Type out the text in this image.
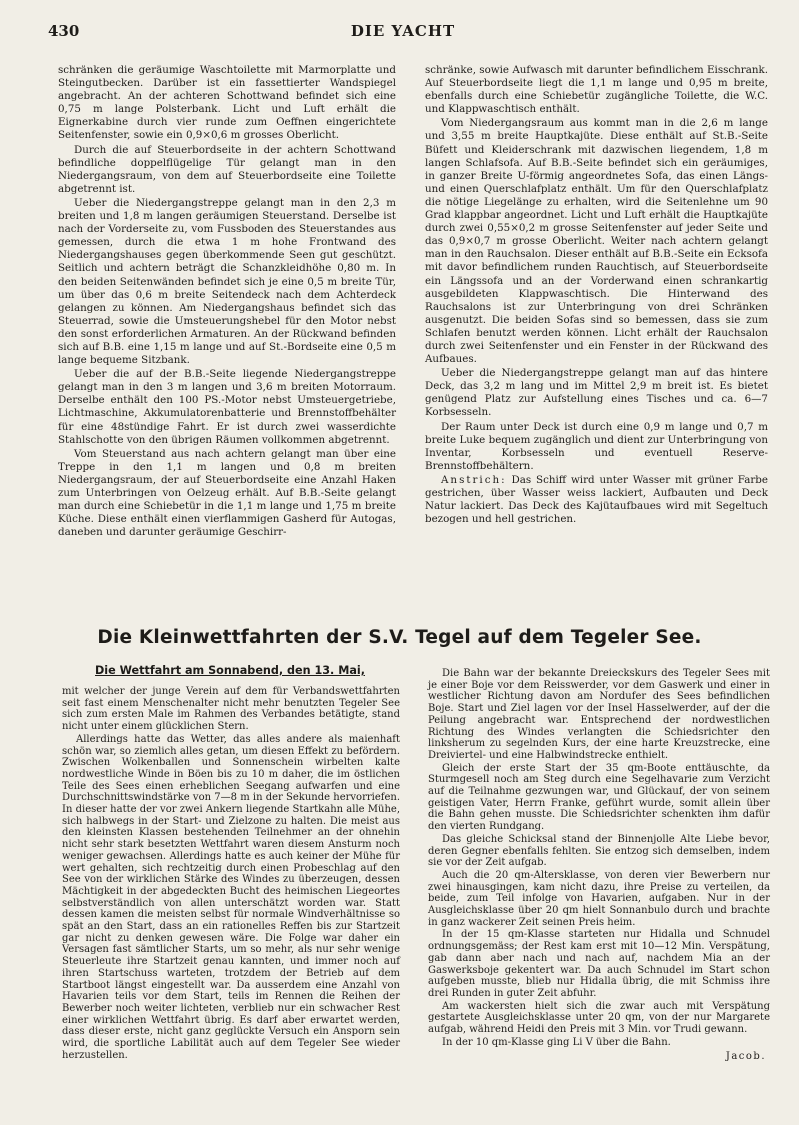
430	DIE YACHT

schränken die geräumige Waschtoilette mit Marmorplatte und Steingutbecken. Darüber ist ein fassettierter Wandspiegel angebracht. An der achteren Schottwand befindet sich eine 0,75 m lange Polsterbank. Licht und Luft erhält die Eignerkabine durch vier runde zum Oeffnen eingerichtete Seitenfenster, sowie ein 0,9×0,6 m grosses Oberlicht.

Durch die auf Steuerbordseite in der achtern Schottwand befindliche doppelflügelige Tür gelangt man in den Niedergangsraum, von dem auf Steuerbordseite eine Toilette abgetrennt ist.

Ueber die Niedergangstreppe gelangt man in den 2,3 m breiten und 1,8 m langen geräumigen Steuerstand. Derselbe ist nach der Vorderseite zu, vom Fussboden des Steuerstandes aus gemessen, durch die etwa 1 m hohe Frontwand des Niedergangshauses gegen überkommende Seen gut geschützt. Seitlich und achtern beträgt die Schanzkleidhöhe 0,80 m. In den beiden Seitenwänden befindet sich je eine 0,5 m breite Tür, um über das 0,6 m breite Seitendeck nach dem Achterdeck gelangen zu können. Am Niedergangshaus befindet sich das Steuerrad, sowie die Umsteuerungshebel für den Motor nebst den sonst erforderlichen Armaturen. An der Rückwand befinden sich auf B.B. eine 1,15 m lange und auf St.-Bordseite eine 0,5 m lange bequeme Sitzbank.

Ueber die auf der B.B.-Seite liegende Niedergangstreppe gelangt man in den 3 m langen und 3,6 m breiten Motorraum. Derselbe enthält den 100 PS.-Motor nebst Umsteuergetriebe, Lichtmaschine, Akkumulatorenbatterie und Brennstoffbehälter für eine 48stündige Fahrt. Er ist durch zwei wasserdichte Stahlschotte von den übrigen Räumen vollkommen abgetrennt.

Vom Steuerstand aus nach achtern gelangt man über eine Treppe in den 1,1 m langen und 0,8 m breiten Niedergangsraum, der auf Steuerbordseite eine Anzahl Haken zum Unterbringen von Oelzeug erhält. Auf B.B.-Seite gelangt man durch eine Schiebetür in die 1,1 m lange und 1,75 m breite Küche. Diese enthält einen vierflammigen Gasherd für Autogas, daneben und darunter geräumige Geschirr-

schränke, sowie Aufwasch mit darunter befindlichem Eisschrank. Auf Steuerbordseite liegt die 1,1 m lange und 0,95 m breite, ebenfalls durch eine Schiebetür zugängliche Toilette, die W.C. und Klappwaschtisch enthält.

Vom Niedergangsraum aus kommt man in die 2,6 m lange und 3,55 m breite Hauptkajüte. Diese enthält auf St.B.-Seite Büfett und Kleiderschrank mit dazwischen liegendem, 1,8 m langen Schlafsofa. Auf B.B.-Seite befindet sich ein geräumiges, in ganzer Breite U-förmig angeordnetes Sofa, das einen Längs- und einen Querschlafplatz enthält. Um für den Querschlafplatz die nötige Liegelänge zu erhalten, wird die Seitenlehne um 90 Grad klappbar angeordnet. Licht und Luft erhält die Hauptkajüte durch zwei 0,55×0,2 m grosse Seitenfenster auf jeder Seite und das 0,9×0,7 m grosse Oberlicht. Weiter nach achtern gelangt man in den Rauchsalon. Dieser enthält auf B.B.-Seite ein Ecksofa mit davor befindlichem runden Rauchtisch, auf Steuerbordseite ein Längssofa und an der Vorderwand einen schrankartig ausgebildeten Klappwaschtisch. Die Hinterwand des Rauchsalons ist zur Unterbringung von drei Schränken ausgenutzt. Die beiden Sofas sind so bemessen, dass sie zum Schlafen benutzt werden können. Licht erhält der Rauchsalon durch zwei Seitenfenster und ein Fenster in der Rückwand des Aufbaues.

Ueber die Niedergangstreppe gelangt man auf das hintere Deck, das 3,2 m lang und im Mittel 2,9 m breit ist. Es bietet genügend Platz zur Aufstellung eines Tisches und ca. 6—7 Korbsesseln.

Der Raum unter Deck ist durch eine 0,9 m lange und 0,7 m breite Luke bequem zugänglich und dient zur Unterbringung von Inventar, Korbsesseln und eventuell Reserve-Brennstoffbehältern.

Anstrich: Das Schiff wird unter Wasser mit grüner Farbe gestrichen, über Wasser weiss lackiert, Aufbauten und Deck Natur lackiert. Das Deck des Kajütaufbaues wird mit Segeltuch bezogen und hell gestrichen.

Die Kleinwettfahrten der S.V. Tegel auf dem Tegeler See.
Die Wettfahrt am Sonnabend, den 13. Mai,

mit welcher der junge Verein auf dem für Verbandswettfahrten seit fast einem Menschenalter nicht mehr benutzten Tegeler See sich zum ersten Male im Rahmen des Verbandes betätigte, stand nicht unter einem glücklichen Stern.

Allerdings hatte das Wetter, das alles andere als maienhaft schön war, so ziemlich alles getan, um diesen Effekt zu befördern. Zwischen Wolkenballen und Sonnenschein wirbelten kalte nordwestliche Winde in Böen bis zu 10 m daher, die im östlichen Teile des Sees einen erheblichen Seegang aufwarfen und eine Durchschnittswindstärke von 7—8 m in der Sekunde hervorriefen. In dieser hatte der vor zwei Ankern liegende Startkahn alle Mühe, sich halbwegs in der Start- und Zielzone zu halten. Die meist aus den kleinsten Klassen bestehenden Teilnehmer an der ohnehin nicht sehr stark besetzten Wettfahrt waren diesem Ansturm noch weniger gewachsen. Allerdings hatte es auch keiner der Mühe für wert gehalten, sich rechtzeitig durch einen Probeschlag auf den See von der wirklichen Stärke des Windes zu überzeugen, dessen Mächtigkeit in der abgedeckten Bucht des heimischen Liegeortes selbstverständlich von allen unterschätzt worden war. Statt dessen kamen die meisten selbst für normale Windverhältnisse so spät an den Start, dass an ein rationelles Reffen bis zur Startzeit gar nicht zu denken gewesen wäre. Die Folge war daher ein Versagen fast sämtlicher Starts, um so mehr, als nur sehr wenige Steuerleute ihre Startzeit genau kannten, und immer noch auf ihren Startschuss warteten, trotzdem der Betrieb auf dem Startboot längst eingestellt war. Da ausserdem eine Anzahl von Havarien teils vor dem Start, teils im Rennen die Reihen der Bewerber noch weiter lichteten, verblieb nur ein schwacher Rest einer wirklichen Wettfahrt übrig. Es darf aber erwartet werden, dass dieser erste, nicht ganz geglückte Versuch ein Ansporn sein wird, die sportliche Labilität auch auf dem Tegeler See wieder herzustellen.

Die Bahn war der bekannte Dreieckskurs des Tegeler Sees mit je einer Boje vor dem Reisswerder, vor dem Gaswerk und einer in westlicher Richtung davon am Nordufer des Sees befindlichen Boje. Start und Ziel lagen vor der Insel Hasselwerder, auf der die Peilung angebracht war. Entsprechend der nordwestlichen Richtung des Windes verlangten die Schiedsrichter den linksherum zu segelnden Kurs, der eine harte Kreuzstrecke, eine Dreiviertel- und eine Halbwindstrecke enthielt.

Gleich der erste Start der 35 qm-Boote enttäuschte, da Sturmgesell noch am Steg durch eine Segelhavarie zum Verzicht auf die Teilnahme gezwungen war, und Glückauf, der von seinem geistigen Vater, Herrn Franke, geführt wurde, somit allein über die Bahn gehen musste. Die Schiedsrichter schenkten ihm dafür den vierten Rundgang.

Das gleiche Schicksal stand der Binnenjolle Alte Liebe bevor, deren Gegner ebenfalls fehlten. Sie entzog sich demselben, indem sie vor der Zeit aufgab.

Auch die 20 qm-Altersklasse, von deren vier Bewerbern nur zwei hinausgingen, kam nicht dazu, ihre Preise zu verteilen, da beide, zum Teil infolge von Havarien, aufgaben. Nur in der Ausgleichsklasse über 20 qm hielt Sonnanbulo durch und brachte in ganz wackerer Zeit seinen Preis heim.

In der 15 qm-Klasse starteten nur Hidalla und Schnudel ordnungsgemäss; der Rest kam erst mit 10—12 Min. Verspätung, gab dann aber nach und nach auf, nachdem Mia an der Gaswerksboje gekentert war. Da auch Schnudel im Start schon aufgeben musste, blieb nur Hidalla übrig, die mit Schmiss ihre drei Runden in guter Zeit abfuhr.

Am wackersten hielt sich die zwar auch mit Verspätung gestartete Ausgleichsklasse unter 20 qm, von der nur Margarete aufgab, während Heidi den Preis mit 3 Min. vor Trudi gewann.

In der 10 qm-Klasse ging Li V über die Bahn.

Jacob.
